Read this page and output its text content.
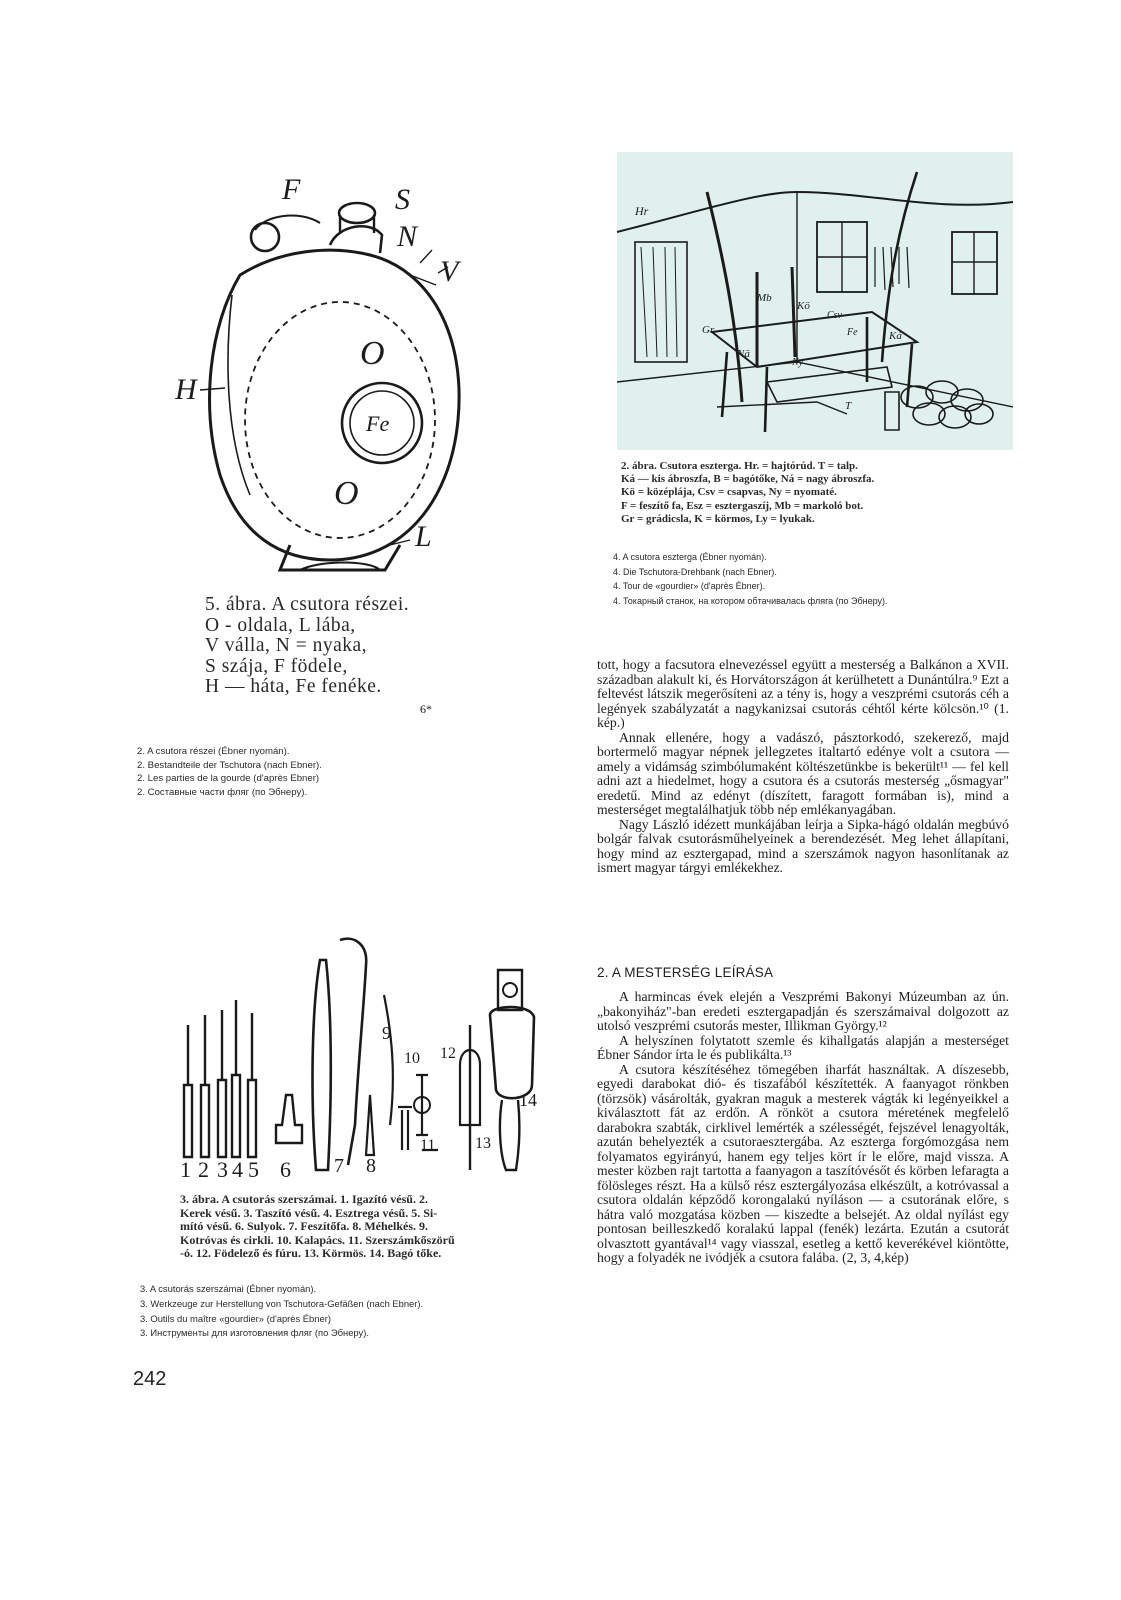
F	S
N
V
O
Fe
O
H
L
5. ábra. A csutora részei.
O - oldala, L lába,
V vállа, N = nyaka,
S szája, F födele,
H — hátа, Fe fenéke.
6*
2. A csutora részei (Ébner nyomán).
2. Bestandteile der Tschutora (nach Ebner).
2. Les parties de la gourde (d'après Ebner)
2. Составные части фляг (по Эбнеру).
Hr
Mb
Gr
Kö
Csv
Fe	Ká
Nä
Ny
T
2. ábra. Csutora esztergа. Hr. = hajtórúd. T = talp.
Ká — kis ábroszfa, B = bagótőke, Ná = nagy ábroszfa.
Kö = középlája, Csv = csapvas, Ny = nyomaté.
F = feszítő fa, Esz = esztergaszíj, Mb = markoló bot.
Gr = grádicsla, K = körmos, Ly = lyukak.
4. A csutora esztergа (Ébner nyomán).
4. Die Tschutora-Drehbank (nach Ebner).
4. Tour de «gourdier» (d'après Ébner).
4. Токарный станок, на котором обтачивалась фляга (по Эбнеру).

tott, hogy a facsutora elnevezéssel együtt a mesterség a Balkánon a XVII. században alakult ki, és Horvátországon át kerülhetett a Dunántúlra.⁹ Ezt a feltevést látszik megerősíteni az a tény is, hogy a veszprémi csutorás céh a legények szabályzatát a nagykanizsai csutorás céhtől kérte kölcsön.¹⁰ (1. kép.)

Annak ellenére, hogy a vadászó, pásztorkodó, szekerező, majd bortermelő magyar népnek jellegzetes italtartó edénye volt a csutora — amely a vidámság szimbólumaként költészetünkbe is bekerült¹¹ — fel kell adni azt a hiedelmet, hogy a csutora és a csutorás mesterség „ősmagyar" eredetű. Mind az edényt (díszített, faragott formában is), mind a mesterséget megtalálhatjuk több nép emlékanyagában.

Nagy László idézett munkájában leírja a Sipka-hágó oldalán megbúvó bolgár falvak csutorásműhelyeinek a berendezését. Meg lehet állapítani, hogy mind az esztergapad, mind a szerszámok nagyon hasonlítanak az ismert magyar tárgyi emlékekhez.

2. A MESTERSÉG LEÍRÁSA

A harmincas évek elején a Veszprémi Bakonyi Múzeumban az ún. „bakonyiház"-ban eredeti esztergapadján és szerszámaival dolgozott az utolsó veszprémi csutorás mester, Illikman György.¹²

A helyszínen folytatott szemle és kihallgatás alapján a mesterséget Ébner Sándor írta le és publikálta.¹³

A csutora készítéséhez tömegében iharfát használtak. A díszesebb, egyedi darabokat dió- és tiszafából készítették. A faanyagot rönkben (törzsök) vásárolták, gyakran maguk a mesterek vágták ki legényeikkel a kiválasztott fát az erdőn. A rönköt a csutora méretének megfelelő darabokra szabták, cirklivel lemérték a szélességét, fejszével lenagyolták, azután behelyezték a csutoraesztergába. Az esztergа forgómozgása nem folyamatos egyirányú, hanem egy teljes kört ír le előre, majd vissza. A mester közben rajt tartotta a faanyagon a taszítóvésőt és körben lefaragta a fölösleges részt. Ha a külső rész esztergályozása elkészült, a kotróvassal a csutora oldalán képződő korongalakú nyíláson — a csutorának előre, s hátra való mozgatása közben — kiszedte a belsejét. Az oldal nyílást egy pontosan beilleszkedő koralakú lappal (fenék) lezárta. Ezután a csutorát olvasztott gyantával¹⁴ vagy viasszal, esetleg a kettő keverékével kiöntötte, hogy a folyadék ne ivódjék a csutora falába. (2, 3, 4,kép)

1 2 3 4 5 6 7 8
9
10
11
12
13
14
3. ábra. A csutorás szerszámai. 1. Igazító vésű. 2.
Kerek vésű. 3. Taszító vésű. 4. Esztrega vésű. 5. Si-
mító vésű. 6. Sulyok. 7. Feszítőfa. 8. Méhelkés. 9.
Kotróvas és cirkli. 10. Kalapács. 11. Szerszámkőszörű
-ó. 12. Födelező és fúru. 13. Körmös. 14. Bagó tőke.
3. A csutorás szerszámai (Ébner nyomán).
3. Werkzeuge zur Herstellung von Tschutora-Gefäßen (nach Ebner).
3. Outils du maître «gourdier» (d'après Ébner)
3. Инструменты для изготовления фляг (по Эбнеру).
242
